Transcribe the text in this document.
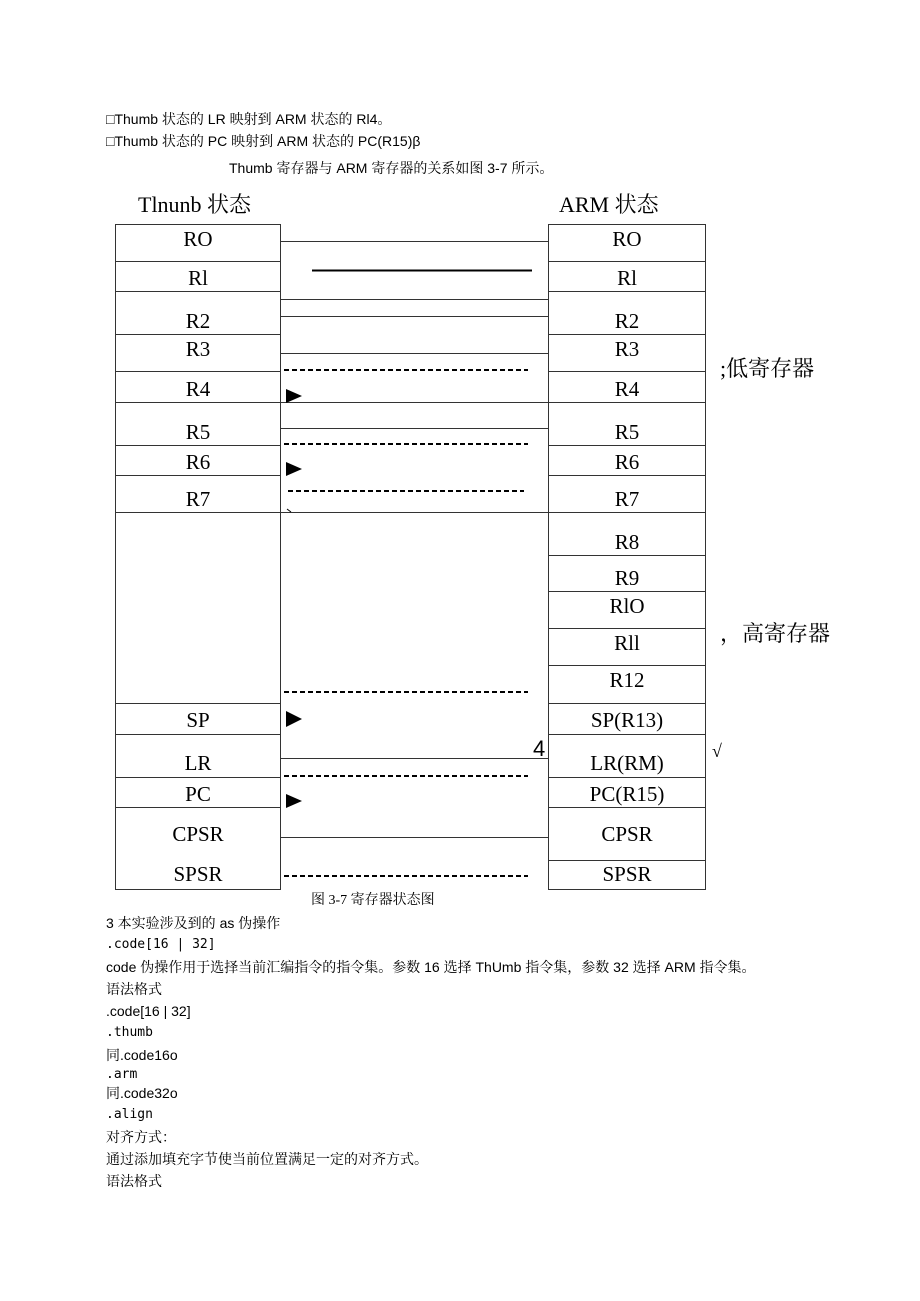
□Thumb 状态的 LR 映射到 ARM 状态的 Rl4。
□Thumb 状态的 PC 映射到 ARM 状态的 PC(R15)β
Thumb 寄存器与 ARM 寄存器的关系如图 3-7 所示。
Tlnunb 状态	ARM 状态
RO
Rl
R2
R3
R4
R5
R6
R7
SP
LR
PC
CPSR
SPSR
RO
Rl
R2
R3
R4
R5
R6
R7
R8
R9
RlO
Rll
R12
SP(R13)
LR(RM)
PC(R15)
CPSR
SPSR
;低寄存器
，高寄存器
4	√
图 3-7 寄存器状态图
3 本实验涉及到的 as 伪操作
.code[16 | 32]
code 伪操作用于选择当前汇编指令的指令集。参数 16 选择 ThUmb 指令集，参数 32 选择 ARM 指令集。
语法格式
.code[16 | 32]
.thumb
同.code16o
.arm
同.code32o
.align
对齐方式：
通过添加填充字节使当前位置满足一定的对齐方式。
语法格式
